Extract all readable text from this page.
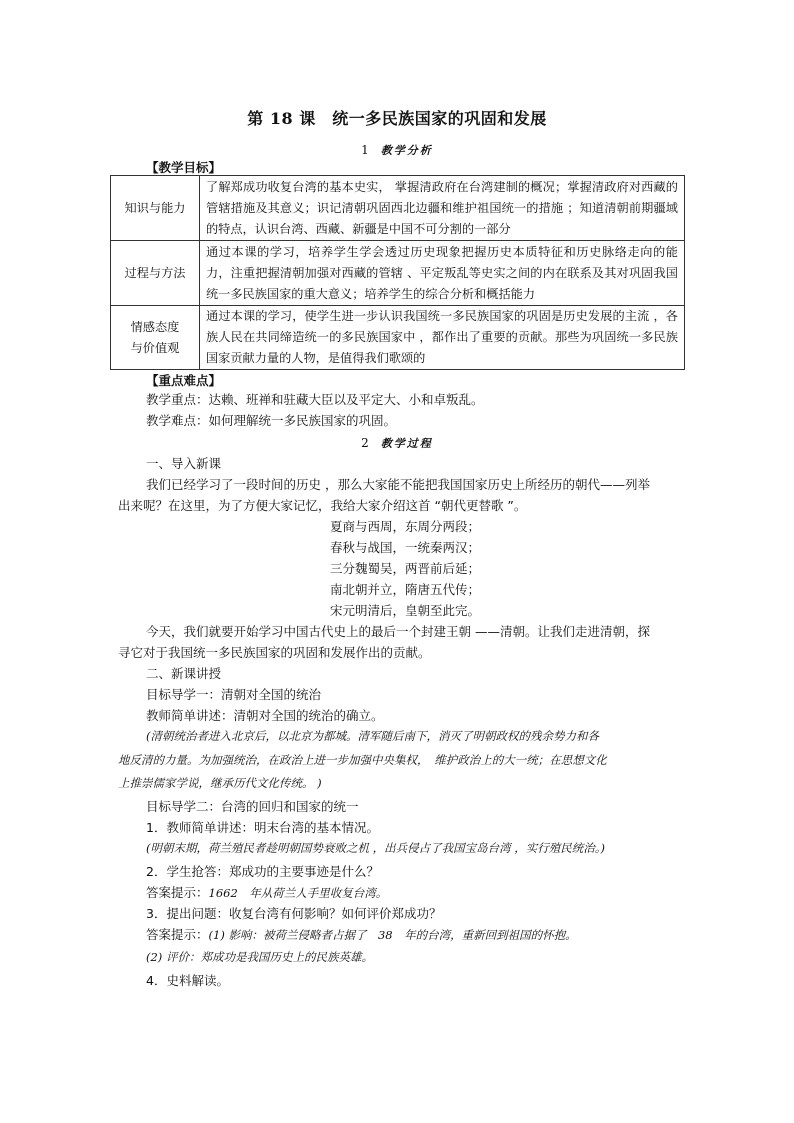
第 18 课　统一多民族国家的巩固和发展
1 教学分析
【教学目标】
知识与能力	了解郑成功收复台湾的基本史实， 掌握清政府在台湾建制的概况；掌握清政府对西藏的管辖措施及其意义；识记清朝巩固西北边疆和维护祖国统一的措施 ；知道清朝前期疆域的特点，认识台湾、西藏、新疆是中国不可分割的一部分
过程与方法	通过本课的学习，培养学生学会透过历史现象把握历史本质特征和历史脉络走向的能力，注重把握清朝加强对西藏的管辖 、平定叛乱等史实之间的内在联系及其对巩固我国统一多民族国家的重大意义；培养学生的综合分析和概括能力

情感态度
与价值观	通过本课的学习，使学生进一步认识我国统一多民族国家的巩固是历史发展的主流 ，各族人民在共同缔造统一的多民族国家中 ，都作出了重要的贡献。那些为巩固统一多民族国家贡献力量的人物，是值得我们歌颂的
【重点难点】
教学重点：达赖、班禅和驻藏大臣以及平定大、小和卓叛乱。
教学难点：如何理解统一多民族国家的巩固。
2 教学过程
一、导入新课
我们已经学习了一段时间的历史 ，那么大家能不能把我国国家历史上所经历的朝代——列举
出来呢？在这里，为了方便大家记忆，我给大家介绍这首 “朝代更替歌 ”。
夏商与西周，东周分两段；
春秋与战国，一统秦两汉；
三分魏蜀吴，两晋前后延；
南北朝并立，隋唐五代传；
宋元明清后，皇朝至此完。
今天，我们就要开始学习中国古代史上的最后一个封建王朝 ——清朝。让我们走进清朝，探
寻它对于我国统一多民族国家的巩固和发展作出的贡献。
二、新课讲授
目标导学一：清朝对全国的统治
教师简单讲述：清朝对全国的统治的确立。
(清朝统治者进入北京后，以北京为都城。清军随后南下，消灭了明朝政权的残余势力和各
地反清的力量。为加强统治，在政治上进一步加强中央集权，　维护政治上的大一统；在思想文化
上推崇儒家学说，继承历代文化传统。 )
目标导学二：台湾的回归和国家的统一
1．教师简单讲述：明末台湾的基本情况。
(明朝末期，荷兰殖民者趁明朝国势衰败之机 ，出兵侵占了我国宝岛台湾 ，实行殖民统治。)
2．学生抢答：郑成功的主要事迹是什么？
答案提示：1662　年从荷兰人手里收复台湾。
3．提出问题：收复台湾有何影响？如何评价郑成功？
答案提示：(1) 影响：被荷兰侵略者占据了　38　年的台湾，重新回到祖国的怀抱。
(2) 评价：郑成功是我国历史上的民族英雄。
4．史料解读。
